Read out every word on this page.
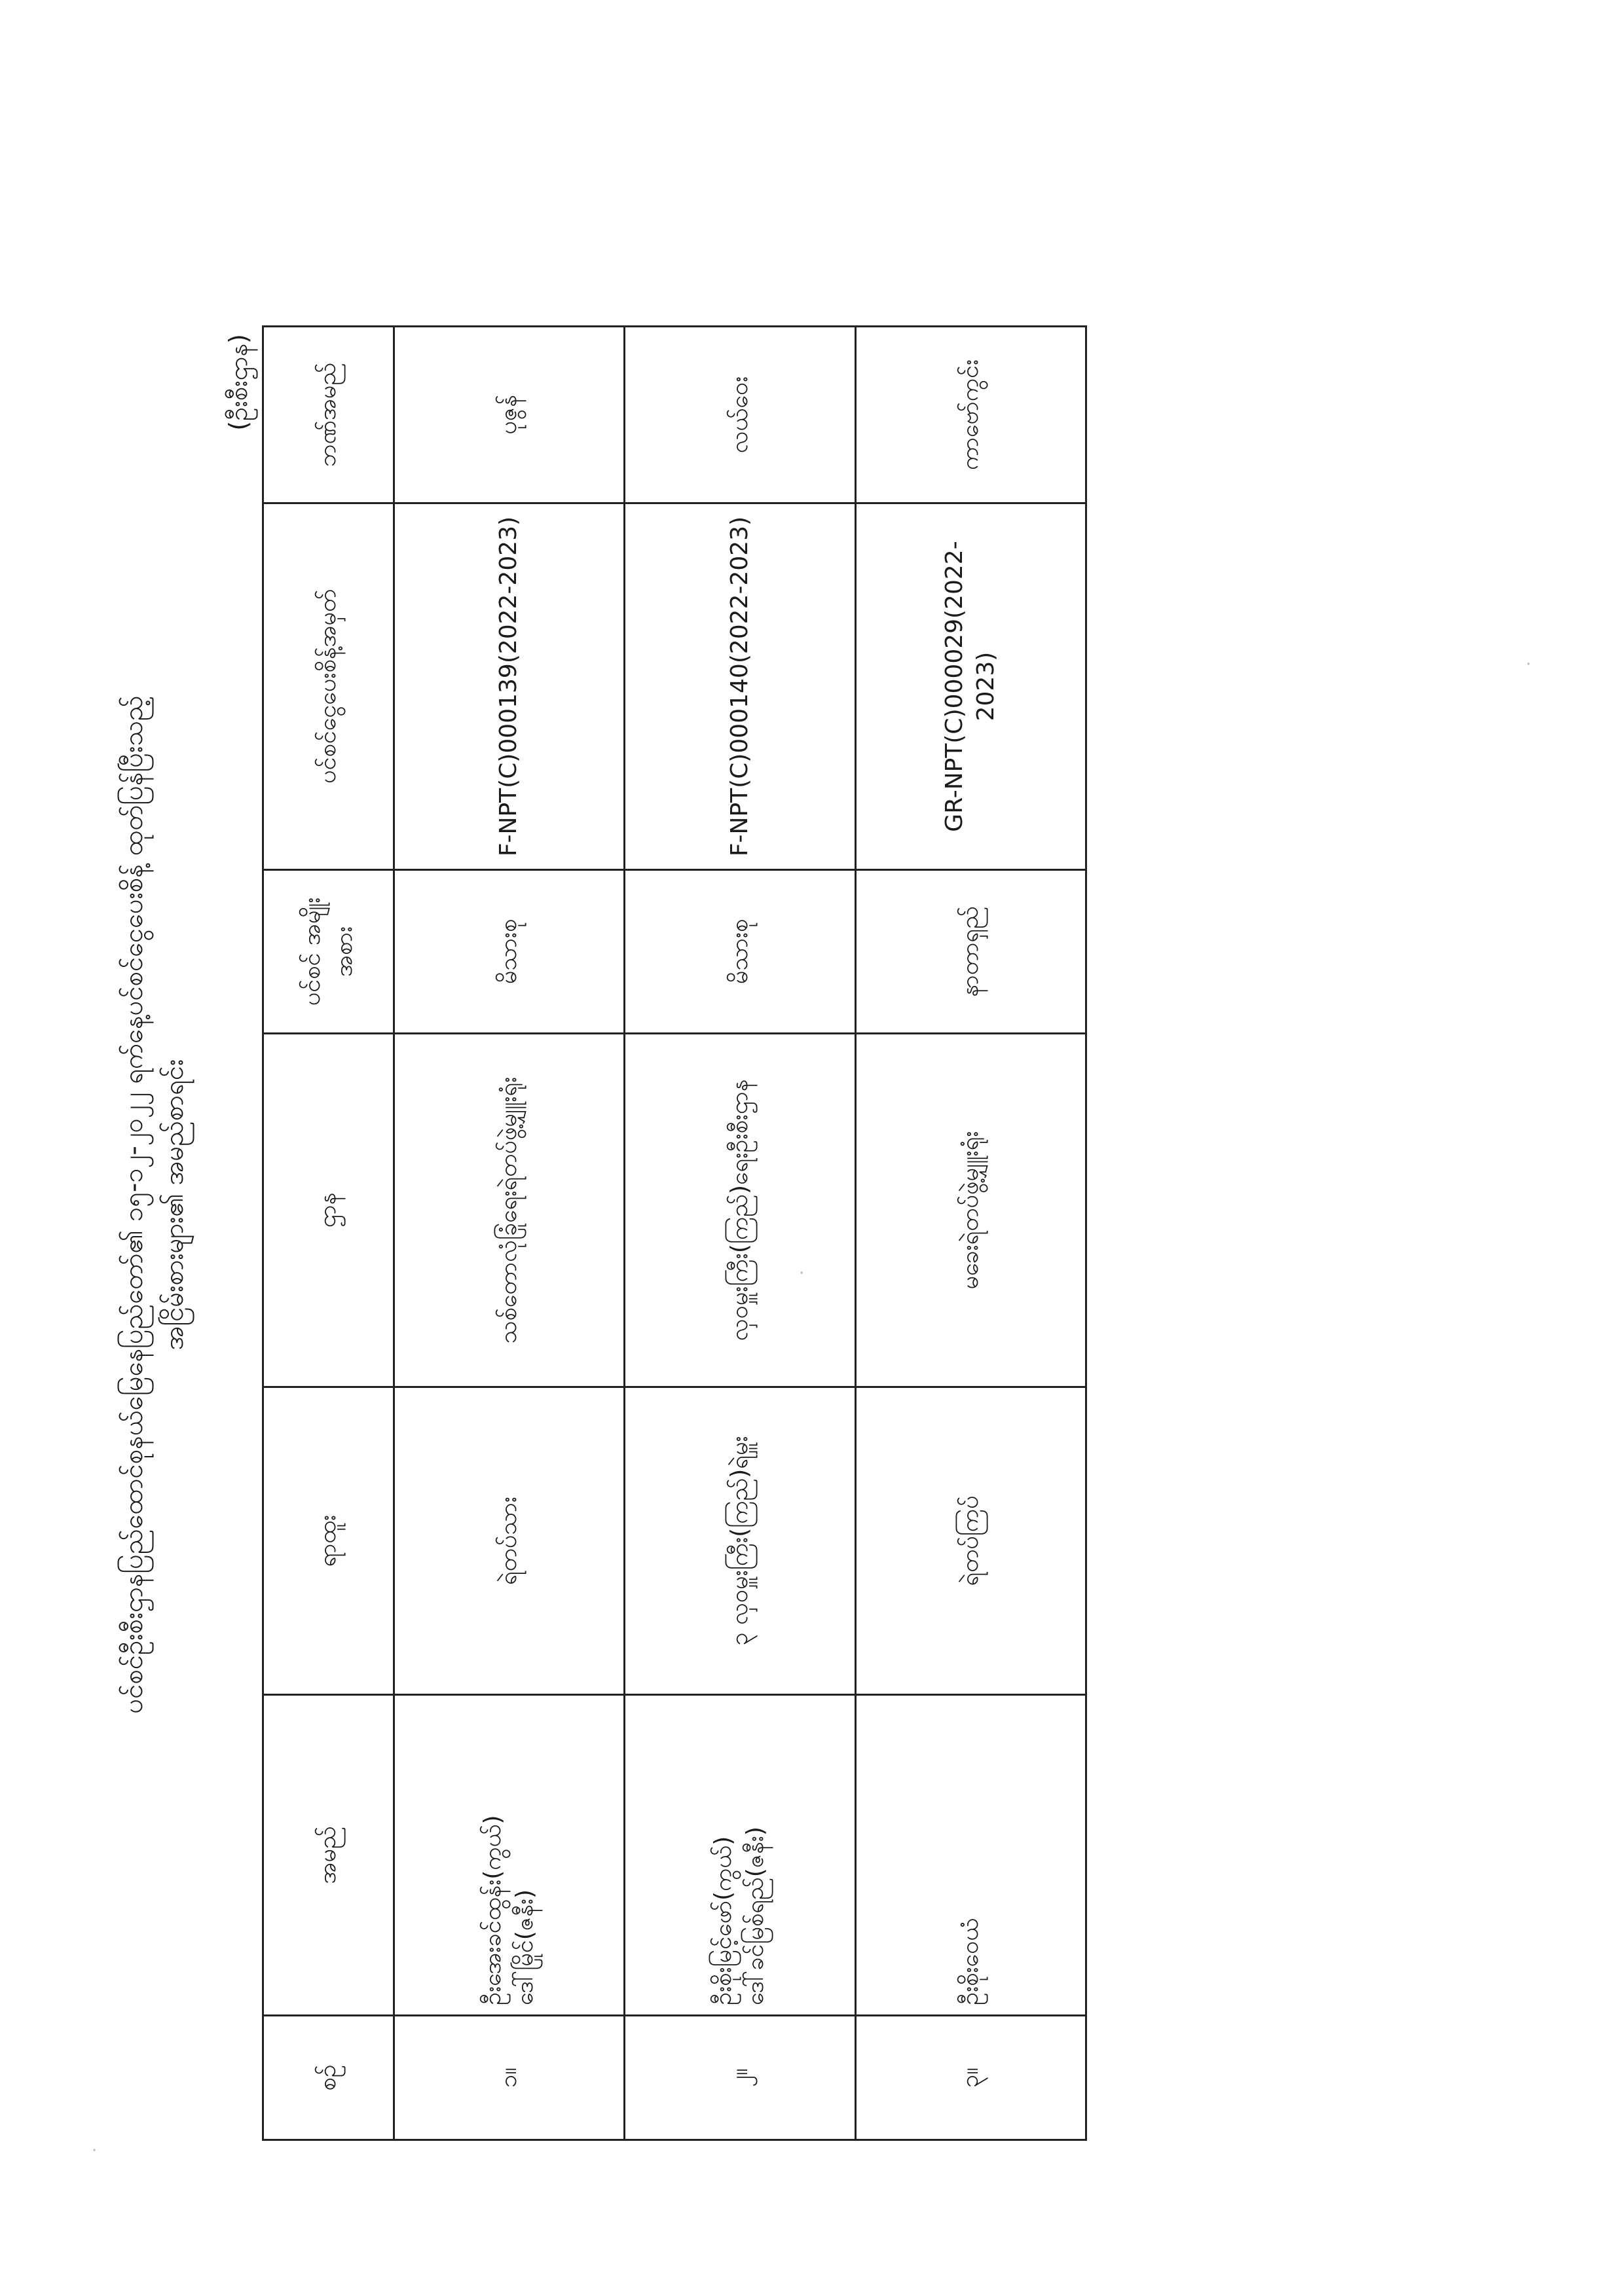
ပင်စင်ဦးစီးဌာနပြည်ထောင်စုနယ်မြေနေပြည်တော်၏ ၁၅-၁၂-၂၀၂၂ ရက်နေ့ပင်စင်ငွေပေးစိန့် ထုတ်ပြန်ပြီးသည့် အငြိမ်းစားများ၏ အမည်စာရင်း
(ဦးစီးဌာန)
စဉ်	အမည်	ရာထူး	ဌာန	ပင်စင် အမျိုးအစား	ပင်စင်ငွေပေးစိန့်အမှတ်	ဘဏ်အမည်
၁။	ဦးအေးခင်ထွန်း(ကွယ်) ဒေါ်မြိုင်(ဇနီး)	ရဲတပ်သား	သစ်တောလုံခြုံရေးရဲတပ်ဖွဲ့မျှူးရုံး	မိသားစု	F-NPT(C)000139(2022-2023)	ပုဇွန်
၂။	ဦးစိုးမြင့်ဖော်(ကွယ်) ဒေါ်ခင်မြစ်ရည်(ဇနီး)	၃ လှ၀မှူးကြီး(ကြည်)ရဲမှူး	လှ၀မှူးကြီး(ကြည်)ရေးဦးစီးဌာန	မိသားစု	F-NPT(C)000140(2022-2023)	လယ်ဝေး
၃။	ဦးစိုးဝေယံ	ရဲတပ်ကြပ်	မခေးရဲတပ်ဖွဲ့မျှူးရုံး	နာတာရှည်	GR-NPT(C)000029(2022-2023)	ကာဗော်ကွင်း
·
·
·
